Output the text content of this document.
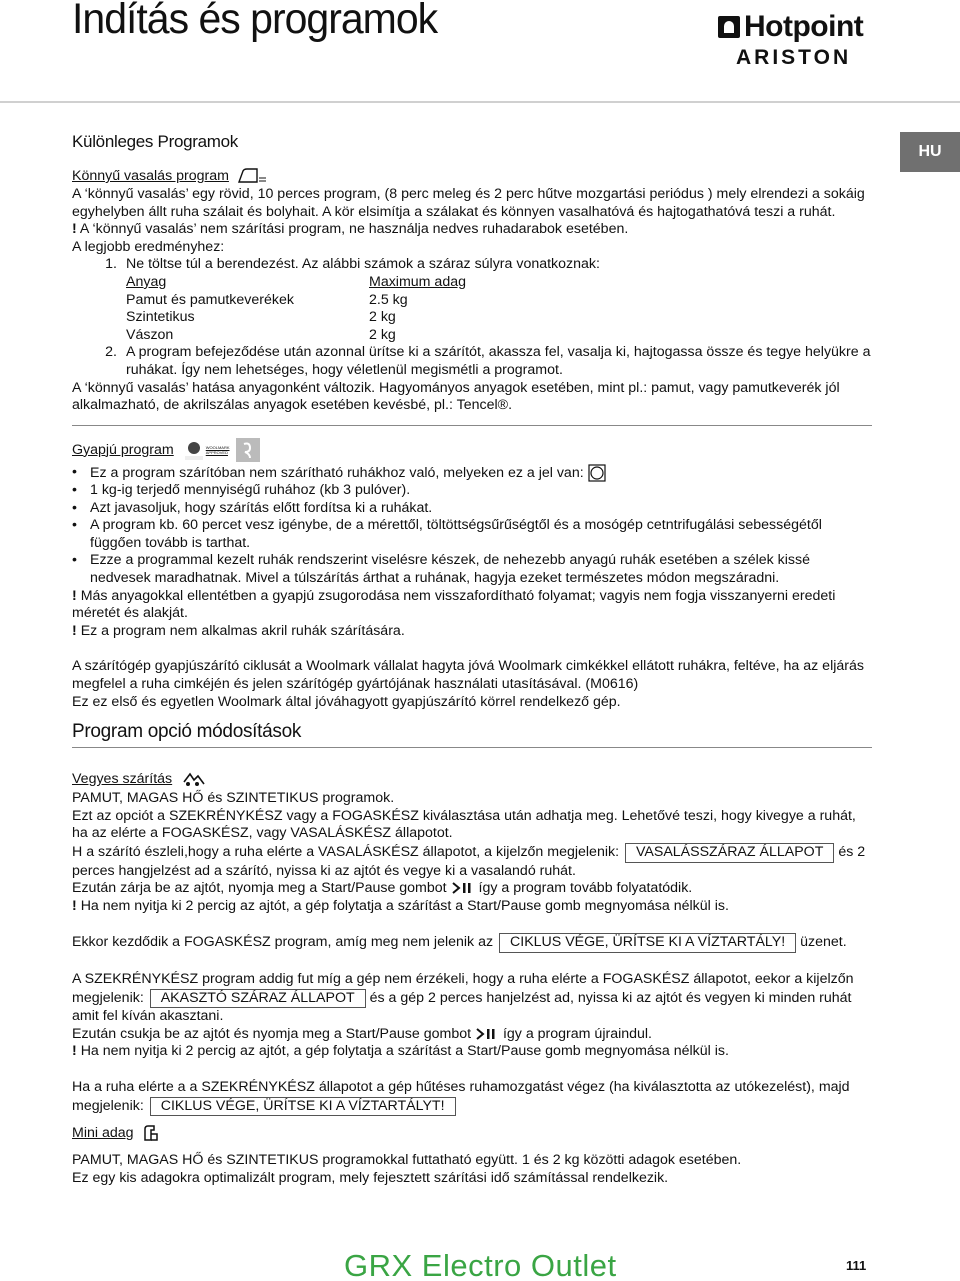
Indítás és programok	Hotpoint
ARISTON
HU
Különleges Programok
Könnyű vasalás program

A ‘könnyű vasalás’ egy rövid, 10 perces program, (8 perc meleg és 2 perc hűtve mozgartási periódus ) mely elrendezi a sokáig egyhelyben állt ruha szálait és bolyhait. A kör elsimítja a szálakat és könnyen vasalhatóvá és hajtogathatóvá teszi a ruhát.

! A ‘könnyű vasalás’ nem szárítási program, ne használja nedves ruhadarabok esetében.

A legjobb eredményhez:

1. Ne töltse túl a berendezést. Az alábbi számok a száraz súlyra vonatkoznak:

Anyag	Maximum adag
Pamut és pamutkeverékek	2.5 kg
Szintetikus	2 kg
Vászon	2 kg
2. A program befejeződése után azonnal ürítse ki a szárítót, akassza fel, vasalja ki, hajtogassa össze és tegye helyükre a ruhákat. Így nem lehetséges, hogy véletlenül megismétli a programot.

A ‘könnyű vasalás’ hatása anyagonként változik. Hagyományos anyagok esetében, mint pl.: pamut, vagy pamutkeverék jól alkalmazható, de akrilszálas anyagok esetében kevésbé, pl.: Tencel®.

Gyapjú program	WOOLMARK APPROVED
• Ez a program szárítóban nem szárítható ruhákhoz való, melyeken ez a jel van:
• 1 kg-ig terjedő mennyiségű ruhához (kb 3 pulóver).
• Azt javasoljuk, hogy szárítás előtt fordítsa ki a ruhákat.
• A program kb. 60 percet vesz igénybe, de a mérettől, töltöttségsűrűségtől és a mosógép cetntrifugálási sebességétől függően tovább is tarthat.
• Ezze a programmal kezelt ruhák rendszerint viselésre készek, de nehezebb anyagú ruhák esetében a szélek kissé nedvesek maradhatnak. Mivel a túlszárítás árthat a ruhának, hagyja ezeket természetes módon megszáradni.

! Más anyagokkal ellentétben a gyapjú zsugorodása nem visszafordítható folyamat; vagyis nem fogja visszanyerni eredeti méretét és alakját.

! Ez a program nem alkalmas akril ruhák szárítására.

A szárítógép gyapjúszárító ciklusát a Woolmark vállalat hagyta jóvá Woolmark cimkékkel ellátott ruhákra, feltéve, ha az eljárás megfelel a ruha cimkéjén és jelen szárítógép gyártójának használati utasításával. (M0616)

Ez ez első és egyetlen Woolmark által jóváhagyott gyapjúszárító körrel rendelkező gép.

Program opció módosítások
Vegyes szárítás

PAMUT, MAGAS HŐ és SZINTETIKUS programok.

Ezt az opciót a SZEKRÉNYKÉSZ vagy a FOGASKÉSZ kiválasztása után adhatja meg. Lehetővé teszi, hogy kivegye a ruhát, ha az elérte a FOGASKÉSZ, vagy VASALÁSKÉSZ állapotot.

H a szárító észleli,hogy a ruha elérte a VASALÁSKÉSZ állapotot, a kijelzőn megjelenik: VASALÁSSZÁRAZ ÁLLAPOT és 2 perces hangjelzést ad a szárító, nyissa ki az ajtót és vegye ki a vasalandó ruhát.

Ezután zárja be az ajtót, nyomja meg a Start/Pause gombot így a program tovább folyatatódik.

! Ha nem nyitja ki 2 percig az ajtót, a gép folytatja a szárítást a Start/Pause gomb megnyomása nélkül is.

Ekkor kezdődik a FOGASKÉSZ program, amíg meg nem jelenik az CIKLUS VÉGE, ÜRÍTSE KI A VÍZTARTÁLY! üzenet.

A SZEKRÉNYKÉSZ program addig fut míg a gép nem érzékeli, hogy a ruha elérte a FOGASKÉSZ állapotot, eekor a kijelzőn megjelenik: AKASZTÓ SZÁRAZ ÁLLAPOT és a gép 2 perces hanjelzést ad, nyissa ki az ajtót és vegyen ki minden ruhát amit fel kíván akasztani.

Ezután csukja be az ajtót és nyomja meg a Start/Pause gombot így a program újraindul.

! Ha nem nyitja ki 2 percig az ajtót, a gép folytatja a szárítást a Start/Pause gomb megnyomása nélkül is.

Ha a ruha elérte a a SZEKRÉNYKÉSZ állapotot a gép hűtéses ruhamozgatást végez (ha kiválasztotta az utókezelést), majd megjelenik: CIKLUS VÉGE, ÜRÍTSE KI A VÍZTARTÁLYT!

Mini adag

PAMUT, MAGAS HŐ és SZINTETIKUS programokkal futtatható együtt. 1 és 2 kg közötti adagok esetében.

Ez egy kis adagokra optimalizált program, mely fejesztett szárítási idő számítással rendelkezik.

GRX Electro Outlet	111
